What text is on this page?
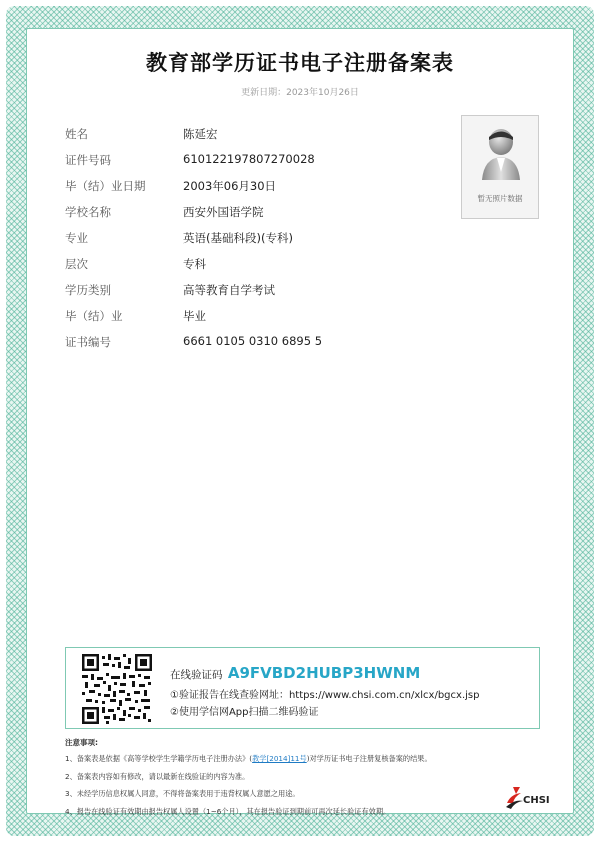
教育部学历证书电子注册备案表
更新日期：2023年10月26日
姓名	陈延宏
证件号码	610122197807270028
毕（结）业日期	2003年06月30日
学校名称	西安外国语学院
专业	英语(基础科段)(专科)
层次	专科
学历类别	高等教育自学考试
毕（结）业	毕业
证书编号	6661 0105 0310 6895 5
暂无照片数据
在线验证码 A9FVBD2HUBP3HWNM
①验证报告在线查验网址：https://www.chsi.com.cn/xlcx/bgcx.jsp
②使用学信网App扫描二维码验证
注意事项:
1、备案表是依据《高等学校学生学籍学历电子注册办法》(教学[2014]11号)对学历证书电子注册复核备案的结果。
2、备案表内容如有修改，请以最新在线验证的内容为准。
3、未经学历信息权属人同意，不得将备案表用于违背权属人意愿之用途。
4、报告在线验证有效期由报告权属人设置（1~6个月），其在报告验证到期前可再次延长验证有效期。
CHSI
